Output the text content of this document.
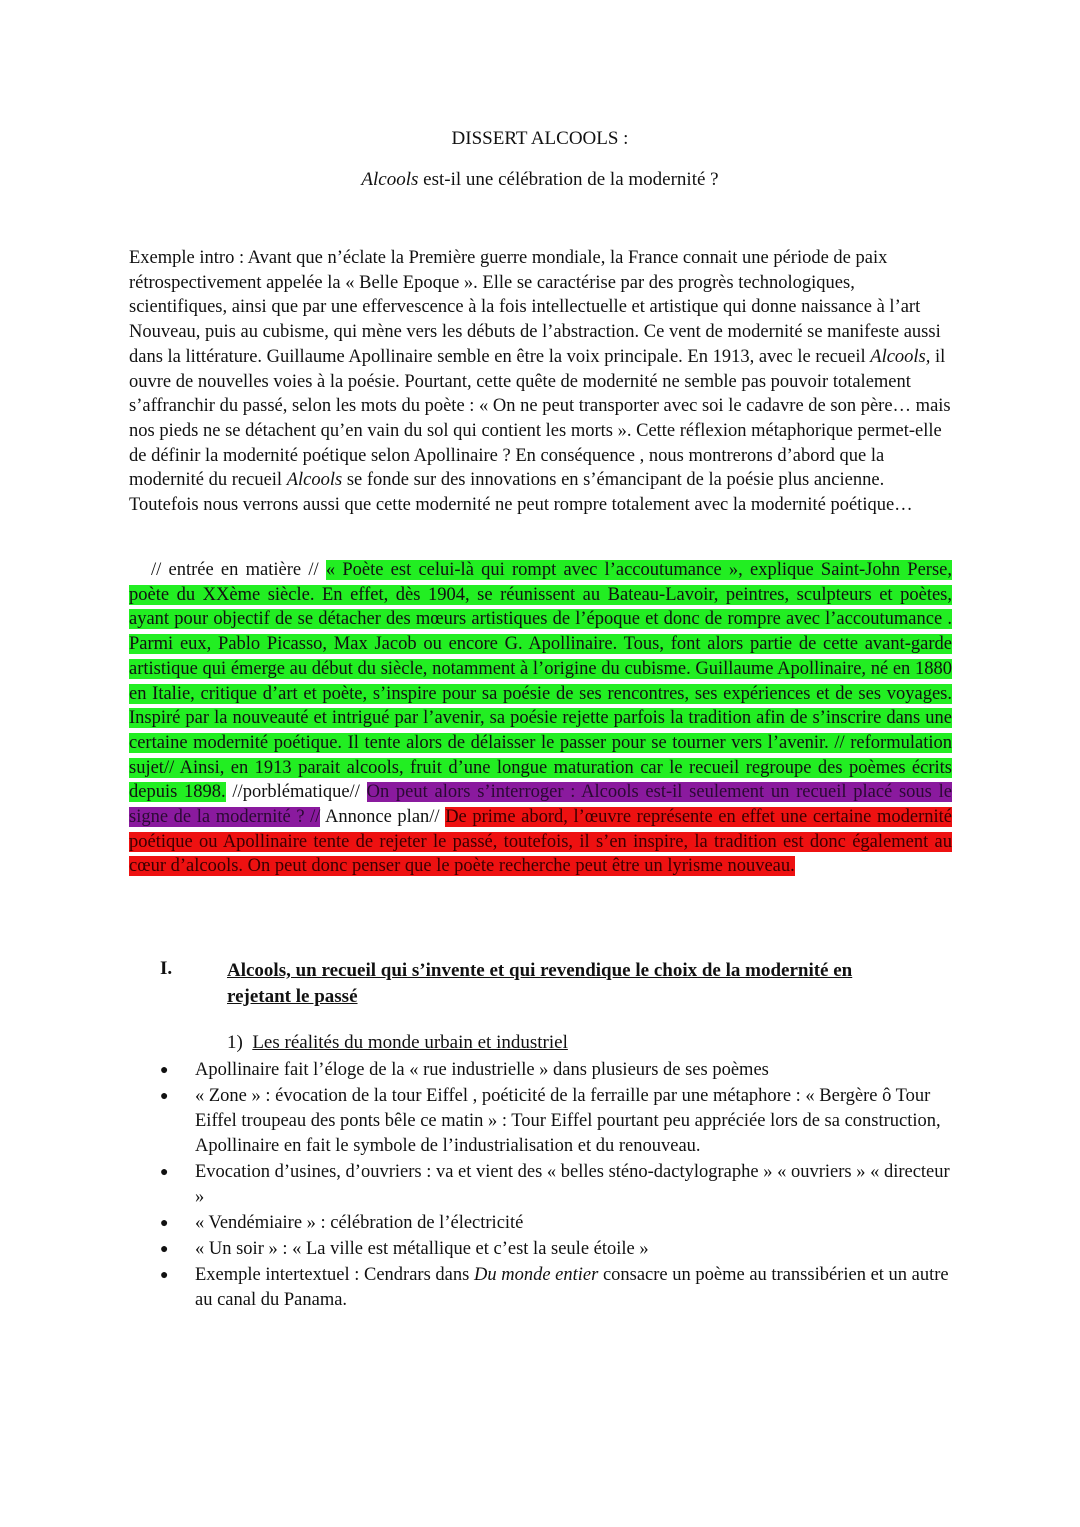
DISSERT ALCOOLS :
Alcools est-il une célébration de la modernité ?

Exemple intro : Avant que n’éclate la Première guerre mondiale, la France connait une période de paix rétrospectivement appelée la « Belle Epoque ». Elle se caractérise par des progrès technologiques, scientifiques, ainsi que par une effervescence à la fois intellectuelle et artistique qui donne naissance à l’art Nouveau, puis au cubisme, qui mène vers les débuts de l’abstraction. Ce vent de modernité se manifeste aussi dans la littérature. Guillaume Apollinaire semble en être la voix principale. En 1913, avec le recueil Alcools, il ouvre de nouvelles voies à la poésie. Pourtant, cette quête de modernité ne semble pas pouvoir totalement s’affranchir du passé, selon les mots du poète : « On ne peut transporter avec soi le cadavre de son père… mais nos pieds ne se détachent qu’en vain du sol qui contient les morts ». Cette réflexion métaphorique permet-elle de définir la modernité poétique selon Apollinaire ? En conséquence , nous montrerons d’abord que la modernité du recueil Alcools se fonde sur des innovations en s’émancipant de la poésie plus ancienne. Toutefois nous verrons aussi que cette modernité ne peut rompre totalement avec la modernité poétique…

// entrée en matière // « Poète est celui-là qui rompt avec l’accoutumance », explique Saint-John Perse, poète du XXème siècle. En effet, dès 1904, se réunissent au Bateau-Lavoir, peintres, sculpteurs et poètes, ayant pour objectif de se détacher des mœurs artistiques de l’époque et donc de rompre avec l’accoutumance . Parmi eux, Pablo Picasso, Max Jacob ou encore G. Apollinaire. Tous, font alors partie de cette avant-garde artistique qui émerge au début du siècle, notamment à l’origine du cubisme. Guillaume Apollinaire, né en 1880 en Italie, critique d’art et poète, s’inspire pour sa poésie de ses rencontres, ses expériences et de ses voyages. Inspiré par la nouveauté et intrigué par l’avenir, sa poésie rejette parfois la tradition afin de s’inscrire dans une certaine modernité poétique. Il tente alors de délaisser le passer pour se tourner vers l’avenir. // reformulation sujet// Ainsi, en 1913 parait alcools, fruit d’une longue maturation car le recueil regroupe des poèmes écrits depuis 1898. //porblématique// On peut alors s’interroger : Alcools est-il seulement un recueil placé sous le signe de la modernité ? // Annonce plan// De prime abord, l’œuvre représente en effet une certaine modernité poétique ou Apollinaire tente de rejeter le passé, toutefois, il s’en inspire, la tradition est donc également au cœur d’alcools. On peut donc penser que le poète recherche peut être un lyrisme nouveau.

I.	Alcools, un recueil qui s’invente et qui revendique le choix de la modernité en rejetant le passé
1) Les réalités du monde urbain et industriel
● Apollinaire fait l’éloge de la « rue industrielle » dans plusieurs de ses poèmes
● « Zone » : évocation de la tour Eiffel , poéticité de la ferraille par une métaphore : « Bergère ô Tour Eiffel troupeau des ponts bêle ce matin » : Tour Eiffel pourtant peu appréciée lors de sa construction, Apollinaire en fait le symbole de l’industrialisation et du renouveau.
● Evocation d’usines, d’ouvriers : va et vient des « belles sténo-dactylographe » « ouvriers » « directeur »
● « Vendémiaire » : célébration de l’électricité
● « Un soir » : « La ville est métallique et c’est la seule étoile »
● Exemple intertextuel : Cendrars dans Du monde entier consacre un poème au transsibérien et un autre au canal du Panama.
